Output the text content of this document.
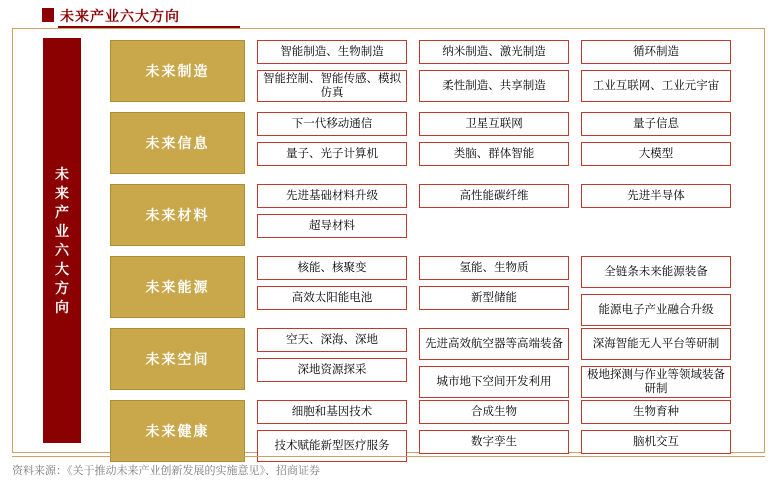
未来产业六大方向
未来产业六大方向
未来制造
智能制造、生物制造
智能控制、智能传感、模拟仿真
纳米制造、激光制造
柔性制造、共享制造
循环制造
工业互联网、工业元宇宙
未来信息
下一代移动通信
量子、光子计算机
卫星互联网
类脑、群体智能
量子信息
大模型
未来材料
先进基础材料升级
超导材料
高性能碳纤维	先进半导体
未来能源
核能、核聚变
高效太阳能电池
氢能、生物质
新型储能
全链条未来能源装备
能源电子产业融合升级
未来空间
空天、深海、深地
深地资源探采
先进高效航空器等高端装备
城市地下空间开发利用
深海智能无人平台等研制
极地探测与作业等领域装备研制
未来健康
细胞和基因技术
技术赋能新型医疗服务
合成生物
数字孪生
生物育种
脑机交互
资料来源：《关于推动未来产业创新发展的实施意见》、招商证券
